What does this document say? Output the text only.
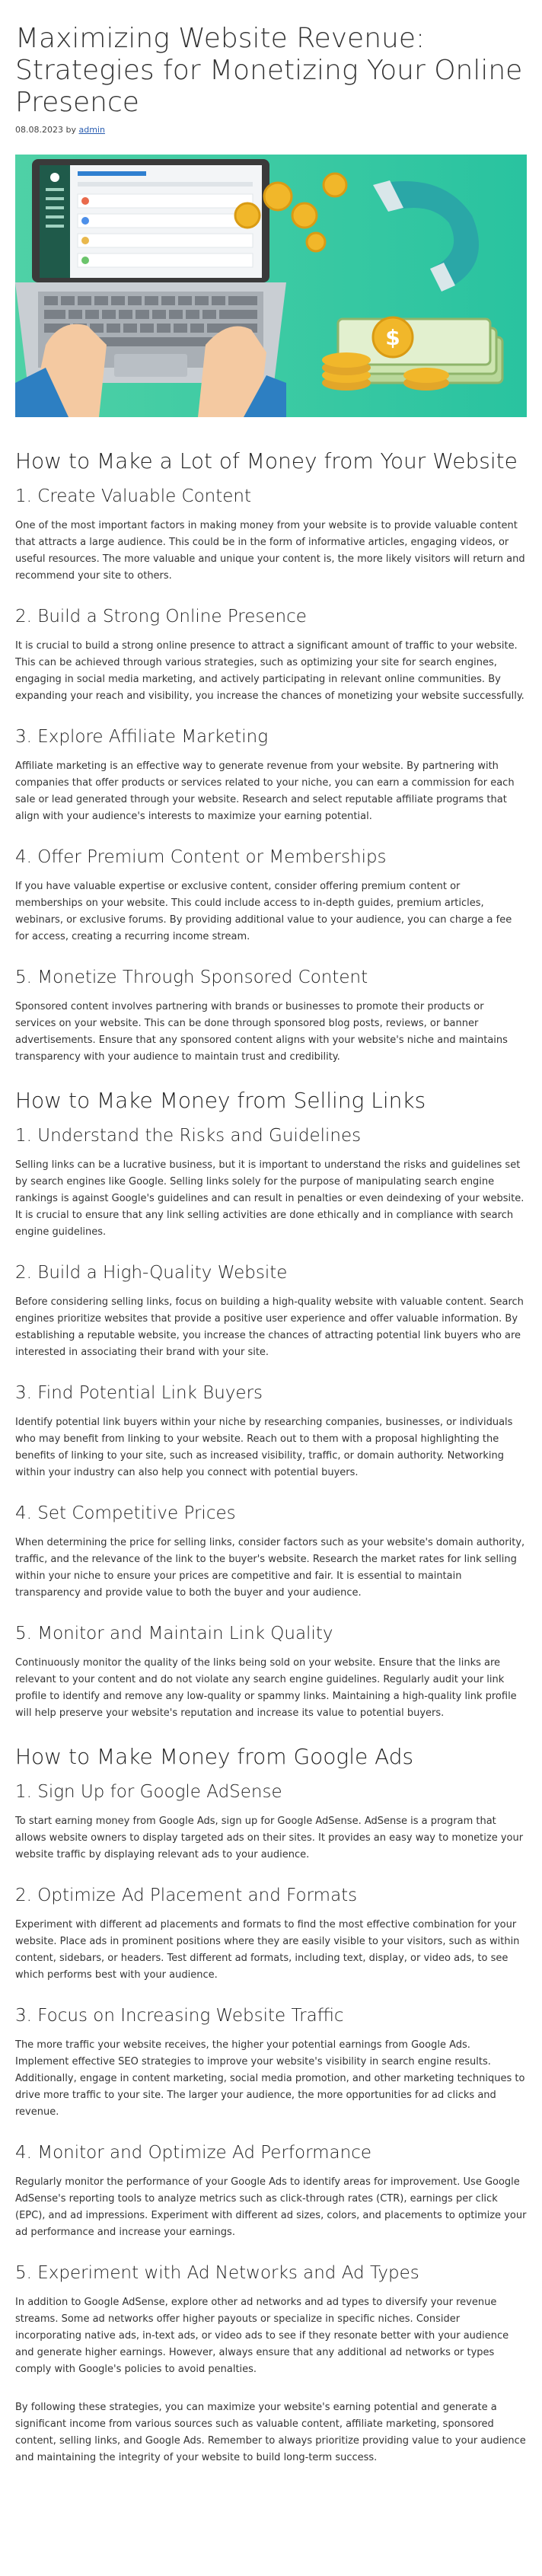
Maximizing Website Revenue: Strategies for Monetizing Your Online Presence
08.08.2023 by admin
$
How to Make a Lot of Money from Your Website
1. Create Valuable Content

One of the most important factors in making money from your website is to provide valuable content that attracts a large audience. This could be in the form of informative articles, engaging videos, or useful resources. The more valuable and unique your content is, the more likely visitors will return and recommend your site to others.

2. Build a Strong Online Presence

It is crucial to build a strong online presence to attract a significant amount of traffic to your website. This can be achieved through various strategies, such as optimizing your site for search engines, engaging in social media marketing, and actively participating in relevant online communities. By expanding your reach and visibility, you increase the chances of monetizing your website successfully.

3. Explore Affiliate Marketing

Affiliate marketing is an effective way to generate revenue from your website. By partnering with companies that offer products or services related to your niche, you can earn a commission for each sale or lead generated through your website. Research and select reputable affiliate programs that align with your audience's interests to maximize your earning potential.

4. Offer Premium Content or Memberships

If you have valuable expertise or exclusive content, consider offering premium content or memberships on your website. This could include access to in-depth guides, premium articles, webinars, or exclusive forums. By providing additional value to your audience, you can charge a fee for access, creating a recurring income stream.

5. Monetize Through Sponsored Content

Sponsored content involves partnering with brands or businesses to promote their products or services on your website. This can be done through sponsored blog posts, reviews, or banner advertisements. Ensure that any sponsored content aligns with your website's niche and maintains transparency with your audience to maintain trust and credibility.

How to Make Money from Selling Links
1. Understand the Risks and Guidelines

Selling links can be a lucrative business, but it is important to understand the risks and guidelines set by search engines like Google. Selling links solely for the purpose of manipulating search engine rankings is against Google's guidelines and can result in penalties or even deindexing of your website. It is crucial to ensure that any link selling activities are done ethically and in compliance with search engine guidelines.

2. Build a High-Quality Website

Before considering selling links, focus on building a high-quality website with valuable content. Search engines prioritize websites that provide a positive user experience and offer valuable information. By establishing a reputable website, you increase the chances of attracting potential link buyers who are interested in associating their brand with your site.

3. Find Potential Link Buyers

Identify potential link buyers within your niche by researching companies, businesses, or individuals who may benefit from linking to your website. Reach out to them with a proposal highlighting the benefits of linking to your site, such as increased visibility, traffic, or domain authority. Networking within your industry can also help you connect with potential buyers.

4. Set Competitive Prices

When determining the price for selling links, consider factors such as your website's domain authority, traffic, and the relevance of the link to the buyer's website. Research the market rates for link selling within your niche to ensure your prices are competitive and fair. It is essential to maintain transparency and provide value to both the buyer and your audience.

5. Monitor and Maintain Link Quality

Continuously monitor the quality of the links being sold on your website. Ensure that the links are relevant to your content and do not violate any search engine guidelines. Regularly audit your link profile to identify and remove any low-quality or spammy links. Maintaining a high-quality link profile will help preserve your website's reputation and increase its value to potential buyers.

How to Make Money from Google Ads
1. Sign Up for Google AdSense

To start earning money from Google Ads, sign up for Google AdSense. AdSense is a program that allows website owners to display targeted ads on their sites. It provides an easy way to monetize your website traffic by displaying relevant ads to your audience.

2. Optimize Ad Placement and Formats

Experiment with different ad placements and formats to find the most effective combination for your website. Place ads in prominent positions where they are easily visible to your visitors, such as within content, sidebars, or headers. Test different ad formats, including text, display, or video ads, to see which performs best with your audience.

3. Focus on Increasing Website Traffic

The more traffic your website receives, the higher your potential earnings from Google Ads. Implement effective SEO strategies to improve your website's visibility in search engine results. Additionally, engage in content marketing, social media promotion, and other marketing techniques to drive more traffic to your site. The larger your audience, the more opportunities for ad clicks and revenue.

4. Monitor and Optimize Ad Performance

Regularly monitor the performance of your Google Ads to identify areas for improvement. Use Google AdSense's reporting tools to analyze metrics such as click-through rates (CTR), earnings per click (EPC), and ad impressions. Experiment with different ad sizes, colors, and placements to optimize your ad performance and increase your earnings.

5. Experiment with Ad Networks and Ad Types

In addition to Google AdSense, explore other ad networks and ad types to diversify your revenue streams. Some ad networks offer higher payouts or specialize in specific niches. Consider incorporating native ads, in-text ads, or video ads to see if they resonate better with your audience and generate higher earnings. However, always ensure that any additional ad networks or types comply with Google's policies to avoid penalties.

By following these strategies, you can maximize your website's earning potential and generate a significant income from various sources such as valuable content, affiliate marketing, sponsored content, selling links, and Google Ads. Remember to always prioritize providing value to your audience and maintaining the integrity of your website to build long-term success.
